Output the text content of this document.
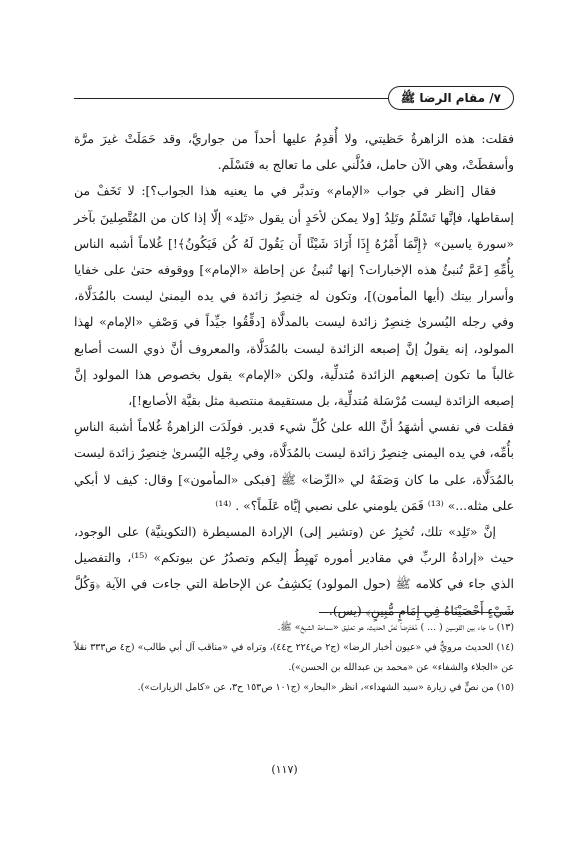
٧/ مقام الرضا ﷺ

فقلت: هذه الزاهرةُ حَظيتي، ولا أُقدِمُ عليها أحداً من جواريَّ، وقد حَمَلَتْ غيرَ مرَّة وأسقطَتْ، وهي الآن حامل، فدُلَّني على ما تعالج به فتَسْلَم.

فقال [انظر في جواب «الإمام» وتدبَّر في ما يعنيه هذا الجواب؟]: لا تَخَفْ من إسقاطها، فإنَّها تَسْلَمُ وتَلِدُ [ولا يمكن لأحَدٍ أن يقول «تَلِد» إلّا إذا كان من المُتَّصِلينَ بآخر «سورة ياسين» ﴿إِنَّمَا أَمْرُهُ إِذَا أَرَادَ شَيْئًا أَن يَقُولَ لَهُ كُن فَيَكُونُ﴾!] غُلاماً أشبه الناس بِأُمِّهِ [عَمَّ تُنبئُ هذه الإخبارات؟ إنها تُنبئُ عن إحاطة «الإمام»] ووقوفه حتىٰ على خفايا وأسرار بيتك (أيها المأمون)]، وتكون له خِنصِرٌ زائدة في يده اليمنىٰ ليست بالمُدَلَّاة، وفي رجله اليُسرىٰ خِنصِرٌ زائدة ليست بالمدلَّاة [دقِّقُوا جيِّداً في وَصْفِ «الإمام» لهذا المولود، إنه يقولُ إنَّ إصبعه الزائدة ليست بالمُدَلَّاة، والمعروف أنَّ ذوي الست أصابع غالباً ما تكون إصبعهم الزائدة مُتدلِّية، ولكن «الإمام» يقول بخصوص هذا المولود إنَّ إصبعه الزائدة ليست مُرْسَلة مُتدلِّية، بل مستقيمة منتصبة مثل بقيَّة الأصابع!]،

فقلت في نفسي أشهَدُ أنَّ الله علىٰ كُلِّ شيء قدير. فولَدَت الزاهرةُ غُلاماً أشبهَ الناسِ بأُمِّه، في يده اليمنى خِنصِرٌ زائدة ليست بالمُدَلَّاة، وفي رِجْلِه اليُسرىٰ خِنصِرٌ زائدة ليست بالمُدَلَّاة، على ما كان وَصَفَهُ لي «الرِّضا» ﷺ [فبكى «المأمون»] وقال: كيف لا أبكي على مثله...» ⁽¹³⁾ فَمَن يلومني على نصبي إيَّاه عَلَماً؟» . ⁽¹⁴⁾

إنَّ «تَلِد» تلك، تُخبِرُ عن (وتشير إلى) الإرادة المسيطرة (التكوينيَّة) على الوجود، حيث «إرادةُ الربِّ في مقادير أموره تَهبِطُ إليكم وتصدُرُ عن بيوتكم» ⁽¹⁵⁾، والتفصيل الذي جاء في كلامه ﷺ (حول المولود) يَكشِفُ عن الإحاطة التي جاءت في الآية ﴿وَكُلَّ شَيْءٍ أَحْصَيْنَاهُ فِي إِمَامٍ مُّبِينٍ﴾ (يس).

(١٣) ما جاء بين القوسين ( ... ) مُعْتَرِضاً نَصَّ الحديث، هو تعليق «سماحة الشيخ» ﷺ.

(١٤) الحديث مرويٌّ في «عيون أخبار الرضا» (ج٢ ص٢٢٤ ح٤٤)، وتراه في «مناقب آل أبي طالب» (ج٤ ص٣٣٣ نقلاً عن «الجلاء والشفاء» عن «محمد بن عبدالله بن الحسن»).

(١٥) من نصٍّ في زيارة «سيد الشهداء»، انظر «البحار» (ج١٠١ ص١٥٣ ح٣، عن «كامل الزيارات»).

(١١٧)
